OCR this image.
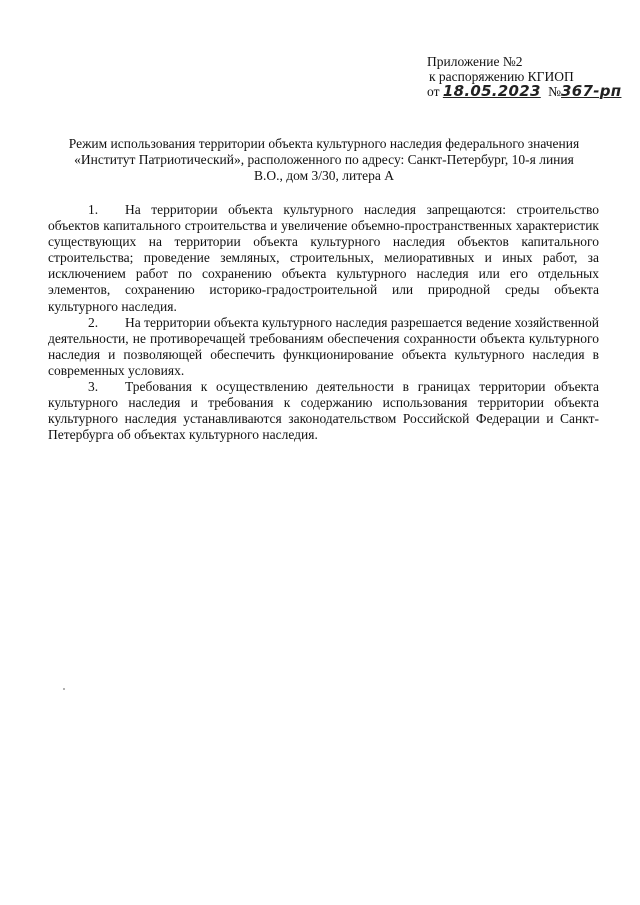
Приложение №2
к распоряжению КГИОП
от 18.05.2023 №367-рп
Режим использования территории объекта культурного наследия федерального значения «Институт Патриотический», расположенного по адресу: Санкт-Петербург, 10-я линия В.О., дом 3/30, литера А

1. На территории объекта культурного наследия запрещаются: строительство объектов капитального строительства и увеличение объемно-пространственных характеристик существующих на территории объекта культурного наследия объектов капитального строительства; проведение земляных, строительных, мелиоративных и иных работ, за исключением работ по сохранению объекта культурного наследия или его отдельных элементов, сохранению историко-градостроительной или природной среды объекта культурного наследия.

2. На территории объекта культурного наследия разрешается ведение хозяйственной деятельности, не противоречащей требованиям обеспечения сохранности объекта культурного наследия и позволяющей обеспечить функционирование объекта культурного наследия в современных условиях.

3. Требования к осуществлению деятельности в границах территории объекта культурного наследия и требования к содержанию использования территории объекта культурного наследия устанавливаются законодательством Российской Федерации и Санкт-Петербурга об объектах культурного наследия.
